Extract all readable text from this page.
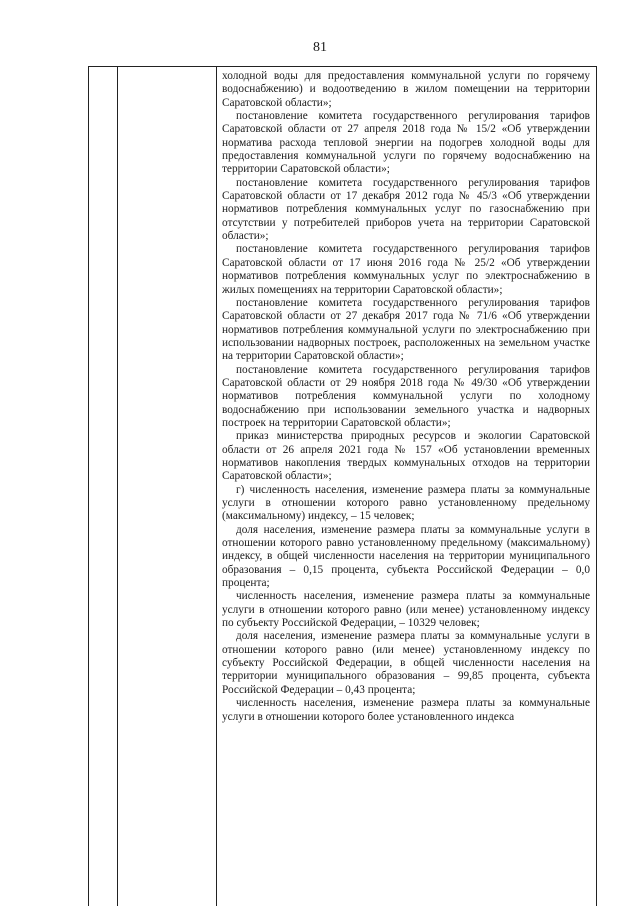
81

холодной воды для предоставления коммунальной услуги по горячему водоснабжению) и водоотведению в жилом помещении на территории Саратовской области»;

постановление комитета государственного регулирования тарифов Саратовской области от 27 апреля 2018 года № 15/2 «Об утверждении норматива расхода тепловой энергии на подогрев холодной воды для предоставления коммунальной услуги по горячему водоснабжению на территории Саратовской области»;

постановление комитета государственного регулирования тарифов Саратовской области от 17 декабря 2012 года № 45/3 «Об утверждении нормативов потребления коммунальных услуг по газоснабжению при отсутствии у потребителей приборов учета на территории Саратовской области»;

постановление комитета государственного регулирования тарифов Саратовской области от 17 июня 2016 года № 25/2 «Об утверждении нормативов потребления коммунальных услуг по электроснабжению в жилых помещениях на территории Саратовской области»;

постановление комитета государственного регулирования тарифов Саратовской области от 27 декабря 2017 года № 71/6 «Об утверждении нормативов потребления коммунальной услуги по электроснабжению при использовании надворных построек, расположенных на земельном участке на территории Саратовской области»;

постановление комитета государственного регулирования тарифов Саратовской области от 29 ноября 2018 года № 49/30 «Об утверждении нормативов потребления коммунальной услуги по холодному водоснабжению при использовании земельного участка и надворных построек на территории Саратовской области»;

приказ министерства природных ресурсов и экологии Саратовской области от 26 апреля 2021 года № 157 «Об установлении временных нормативов накопления твердых коммунальных отходов на территории Саратовской области»;

г) численность населения, изменение размера платы за коммунальные услуги в отношении которого равно установленному предельному (максимальному) индексу, – 15 человек;

доля населения, изменение размера платы за коммунальные услуги в отношении которого равно установленному предельному (максимальному) индексу, в общей численности населения на территории муниципального образования – 0,15 процента, субъекта Российской Федерации – 0,0 процента;

численность населения, изменение размера платы за коммунальные услуги в отношении которого равно (или менее) установленному индексу по субъекту Российской Федерации, – 10329 человек;

доля населения, изменение размера платы за коммунальные услуги в отношении которого равно (или менее) установленному индексу по субъекту Российской Федерации, в общей численности населения на территории муниципального образования – 99,85 процента, субъекта Российской Федерации – 0,43 процента;

численность населения, изменение размера платы за коммунальные услуги в отношении которого более установленного индекса
